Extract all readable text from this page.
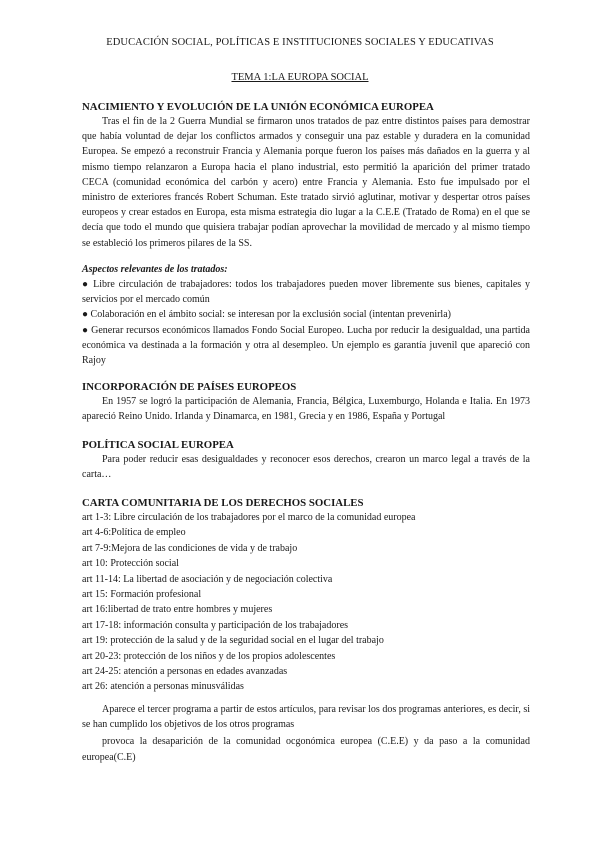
EDUCACIÓN SOCIAL, POLÍTICAS E INSTITUCIONES SOCIALES Y EDUCATIVAS
TEMA 1:LA EUROPA SOCIAL

NACIMIENTO Y EVOLUCIÓN DE LA UNIÓN ECONÓMICA EUROPEA

Tras el fin de la 2 Guerra Mundial se firmaron unos tratados de paz entre distintos países para demostrar que había voluntad de dejar los conflictos armados y conseguir una paz estable y duradera en la comunidad Europea. Se empezó a reconstruir Francia y Alemania porque fueron los países más dañados en la guerra y al mismo tiempo relanzaron a Europa hacia el plano industrial, esto permitió la aparición del primer tratado CECA (comunidad económica del carbón y acero) entre Francia y Alemania. Esto fue impulsado por el ministro de exteriores francés Robert Schuman. Este tratado sirvió aglutinar, motivar y despertar otros países europeos y crear estados en Europa, esta misma estrategia dio lugar a la C.E.E (Tratado de Roma) en el que se decía que todo el mundo que quisiera trabajar podían aprovechar la movilidad de mercado y al mismo tiempo se estableció los primeros pilares de la SS.

Aspectos relevantes de los tratados:

● Libre circulación de trabajadores: todos los trabajadores pueden mover libremente sus bienes, capitales y servicios por el mercado común

● Colaboración en el ámbito social: se interesan por la exclusión social (intentan prevenirla)

● Generar recursos económicos llamados Fondo Social Europeo. Lucha por reducir la desigualdad, una partida económica va destinada a la formación y otra al desempleo. Un ejemplo es garantía juvenil que apareció con Rajoy

INCORPORACIÓN DE PAÍSES EUROPEOS

En 1957 se logró la participación de Alemania, Francia, Bélgica, Luxemburgo, Holanda e Italia. En 1973 apareció Reino Unido. Irlanda y Dinamarca, en 1981, Grecia y en 1986, España y Portugal

POLÍTICA SOCIAL EUROPEA

Para poder reducir esas desigualdades y reconocer esos derechos, crearon un marco legal a través de la carta…

CARTA COMUNITARIA DE LOS DERECHOS SOCIALES

art 1-3: Libre circulación de los trabajadores por el marco de la comunidad europea

art 4-6:Política de empleo

art 7-9:Mejora de las condiciones de vida y de trabajo

art 10: Protección social

art 11-14: La libertad de asociación y de negociación colectiva

art 15: Formación profesional

art 16:libertad de trato entre hombres y mujeres

art 17-18: información consulta y participación de los trabajadores

art 19: protección de la salud y de la seguridad social en el lugar del trabajo

art 20-23: protección de los niños y de los propios adolescentes

art 24-25: atención a personas en edades avanzadas

art 26: atención a personas minusválidas

Aparece el tercer programa a partir de estos artículos, para revisar los dos programas anteriores, es decir, si se han cumplido los objetivos de los otros programas

provoca la desaparición de la comunidad ocgonómica europea (C.E.E) y da paso a la comunidad europea(C.E)
